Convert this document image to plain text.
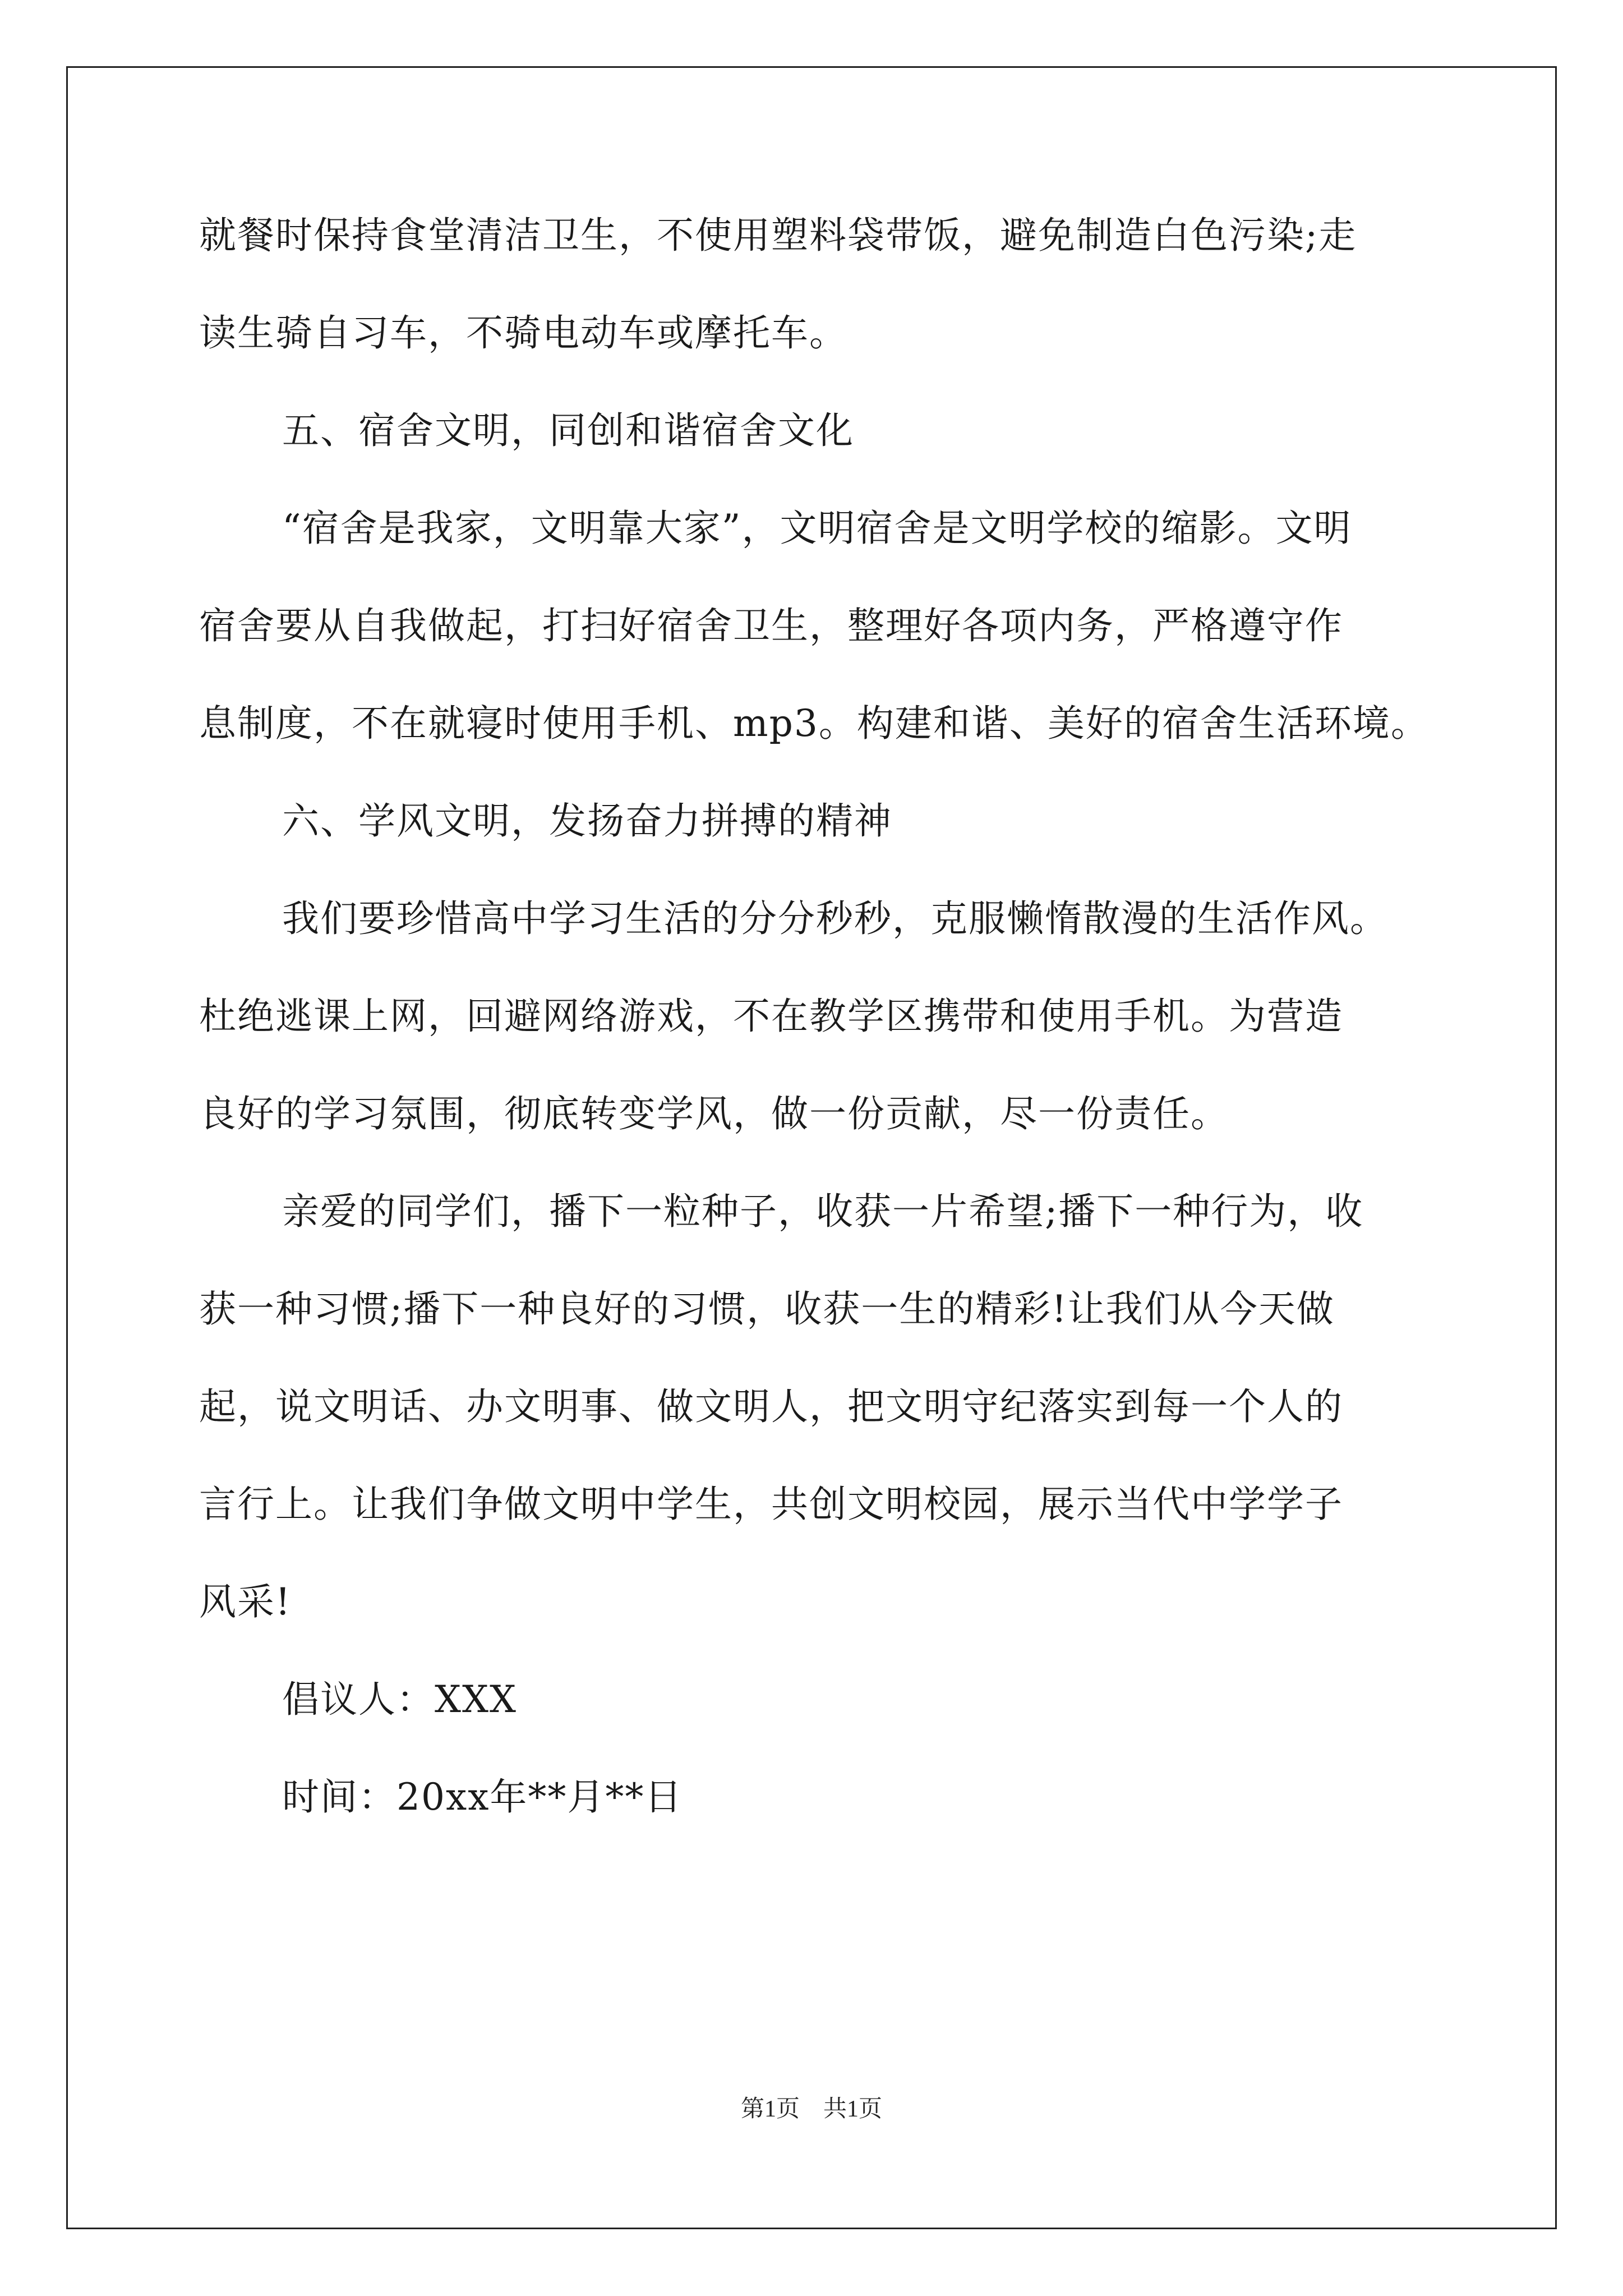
就餐时保持食堂清洁卫生，不使用塑料袋带饭，避免制造白色污染;走

读生骑自习车，不骑电动车或摩托车。

五、宿舍文明，同创和谐宿舍文化

“宿舍是我家，文明靠大家”，文明宿舍是文明学校的缩影。文明

宿舍要从自我做起，打扫好宿舍卫生，整理好各项内务，严格遵守作

息制度，不在就寝时使用手机、mp3。构建和谐、美好的宿舍生活环境。

六、学风文明，发扬奋力拼搏的精神

我们要珍惜高中学习生活的分分秒秒，克服懒惰散漫的生活作风。

杜绝逃课上网，回避网络游戏，不在教学区携带和使用手机。为营造

良好的学习氛围，彻底转变学风，做一份贡献，尽一份责任。

亲爱的同学们，播下一粒种子，收获一片希望;播下一种行为，收

获一种习惯;播下一种良好的习惯，收获一生的精彩!让我们从今天做

起，说文明话、办文明事、做文明人，把文明守纪落实到每一个人的

言行上。让我们争做文明中学生，共创文明校园，展示当代中学学子

风采!

倡议人：XXX

时间：20xx年**月**日

第1页　共1页
